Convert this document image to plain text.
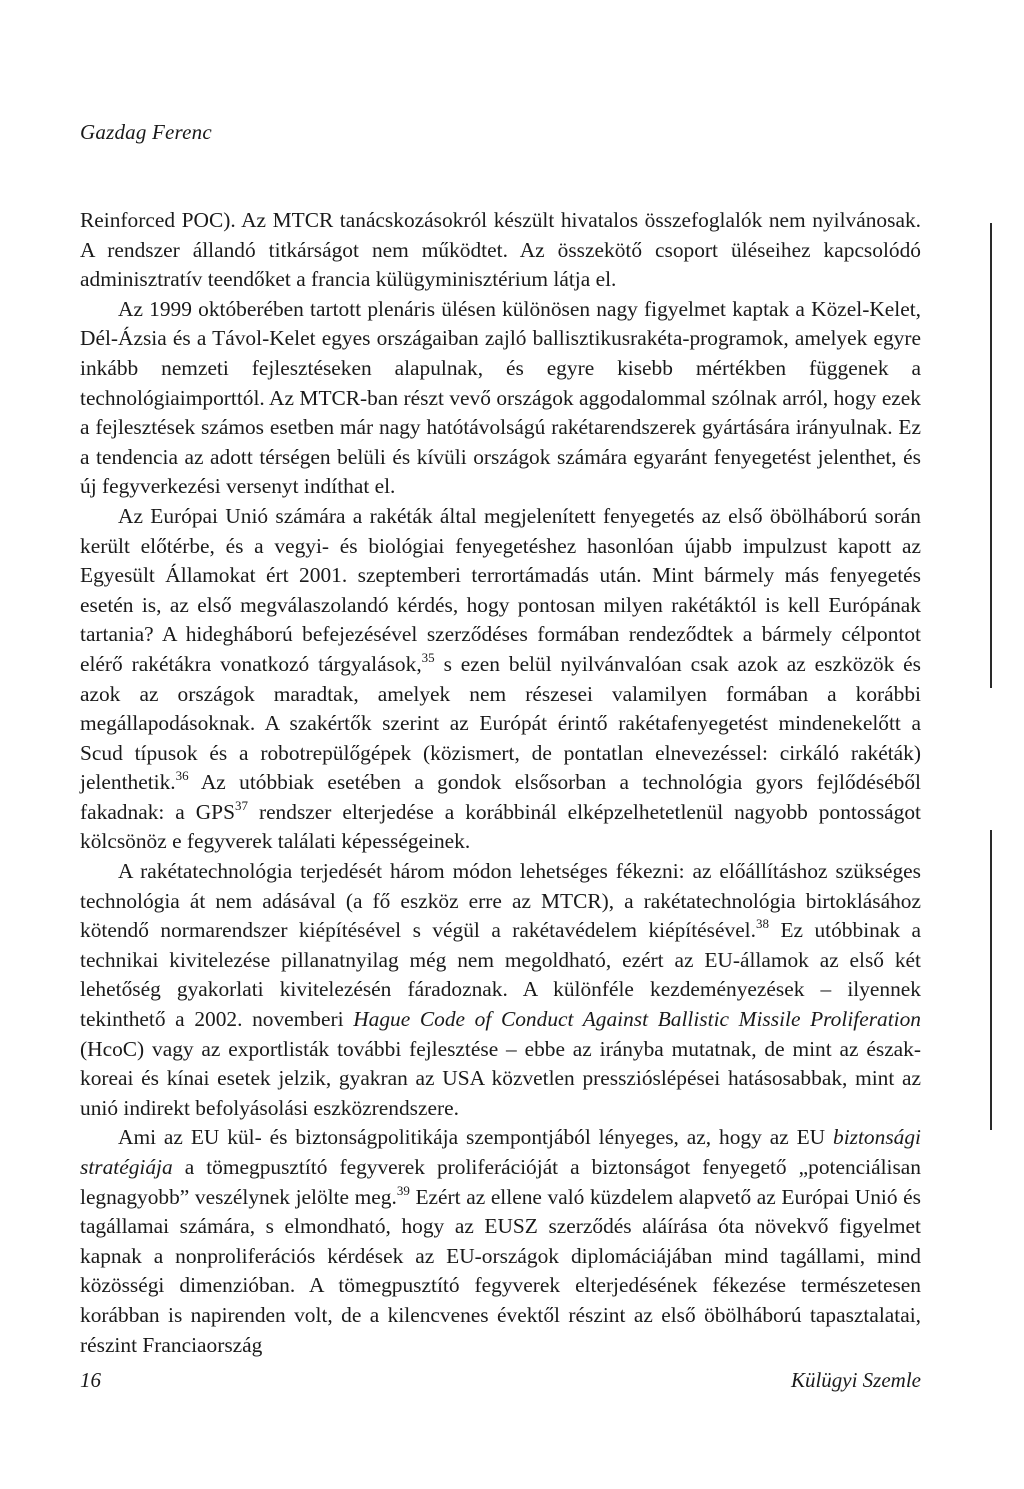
Gazdag Ferenc

Reinforced POC). Az MTCR tanácskozásokról készült hivatalos összefoglalók nem nyilvánosak. A rendszer állandó titkárságot nem működtet. Az összekötő csoport üléseihez kapcsolódó adminisztratív teendőket a francia külügyminisztérium látja el.

Az 1999 októberében tartott plenáris ülésen különösen nagy figyelmet kaptak a Közel-Kelet, Dél-Ázsia és a Távol-Kelet egyes országaiban zajló ballisztikusrakéta-programok, amelyek egyre inkább nemzeti fejlesztéseken alapulnak, és egyre kisebb mértékben függenek a technológiaimporttól. Az MTCR-ban részt vevő országok aggodalommal szólnak arról, hogy ezek a fejlesztések számos esetben már nagy hatótávolságú rakétarendszerek gyártására irányulnak. Ez a tendencia az adott térségen belüli és kívüli országok számára egyaránt fenyegetést jelenthet, és új fegyverkezési versenyt indíthat el.

Az Európai Unió számára a rakéták által megjelenített fenyegetés az első öbölháború során került előtérbe, és a vegyi- és biológiai fenyegetéshez hasonlóan újabb impulzust kapott az Egyesült Államokat ért 2001. szeptemberi terrortámadás után. Mint bármely más fenyegetés esetén is, az első megválaszolandó kérdés, hogy pontosan milyen rakétáktól is kell Európának tartania? A hidegháború befejezésével szerződéses formában rendeződtek a bármely célpontot elérő rakétákra vonatkozó tárgyalások,$^{35}$ s ezen belül nyilvánvalóan csak azok az eszközök és azok az országok maradtak, amelyek nem részesei valamilyen formában a korábbi megállapodásoknak. A szakértők szerint az Európát érintő rakétafenyegetést mindenekelőtt a Scud típusok és a robotrepülőgépek (közismert, de pontatlan elnevezéssel: cirkáló rakéták) jelenthetik.$^{36}$ Az utóbbiak esetében a gondok elsősorban a technológia gyors fejlődéséből fakadnak: a GPS$^{37}$ rendszer elterjedése a korábbinál elképzelhetetlenül nagyobb pontosságot kölcsönöz e fegyverek találati képességeinek.

A rakétatechnológia terjedését három módon lehetséges fékezni: az előállításhoz szükséges technológia át nem adásával (a fő eszköz erre az MTCR), a rakétatechnológia birtoklásához kötendő normarendszer kiépítésével s végül a rakétavédelem kiépítésével.$^{38}$ Ez utóbbinak a technikai kivitelezése pillanatnyilag még nem megoldható, ezért az EU-államok az első két lehetőség gyakorlati kivitelezésén fáradoznak. A különféle kezdeményezések – ilyennek tekinthető a 2002. novemberi Hague Code of Conduct Against Ballistic Missile Proliferation (HcoC) vagy az exportlisták további fejlesztése – ebbe az irányba mutatnak, de mint az észak-koreai és kínai esetek jelzik, gyakran az USA közvetlen presszióslépései hatásosabbak, mint az unió indirekt befolyásolási eszközrendszere.

Ami az EU kül- és biztonságpolitikája szempontjából lényeges, az, hogy az EU biztonsági stratégiája a tömegpusztító fegyverek proliferációját a biztonságot fenyegető „potenciálisan legnagyobb” veszélynek jelölte meg.$^{39}$ Ezért az ellene való küzdelem alapvető az Európai Unió és tagállamai számára, s elmondható, hogy az EUSZ szerződés aláírása óta növekvő figyelmet kapnak a nonproliferációs kérdések az EU-országok diplomáciájában mind tagállami, mind közösségi dimenzióban. A tömegpusztító fegyverek elterjedésének fékezése természetesen korábban is napirenden volt, de a kilencvenes évektől részint az első öbölháború tapasztalatai, részint Franciaország

16	Külügyi Szemle
